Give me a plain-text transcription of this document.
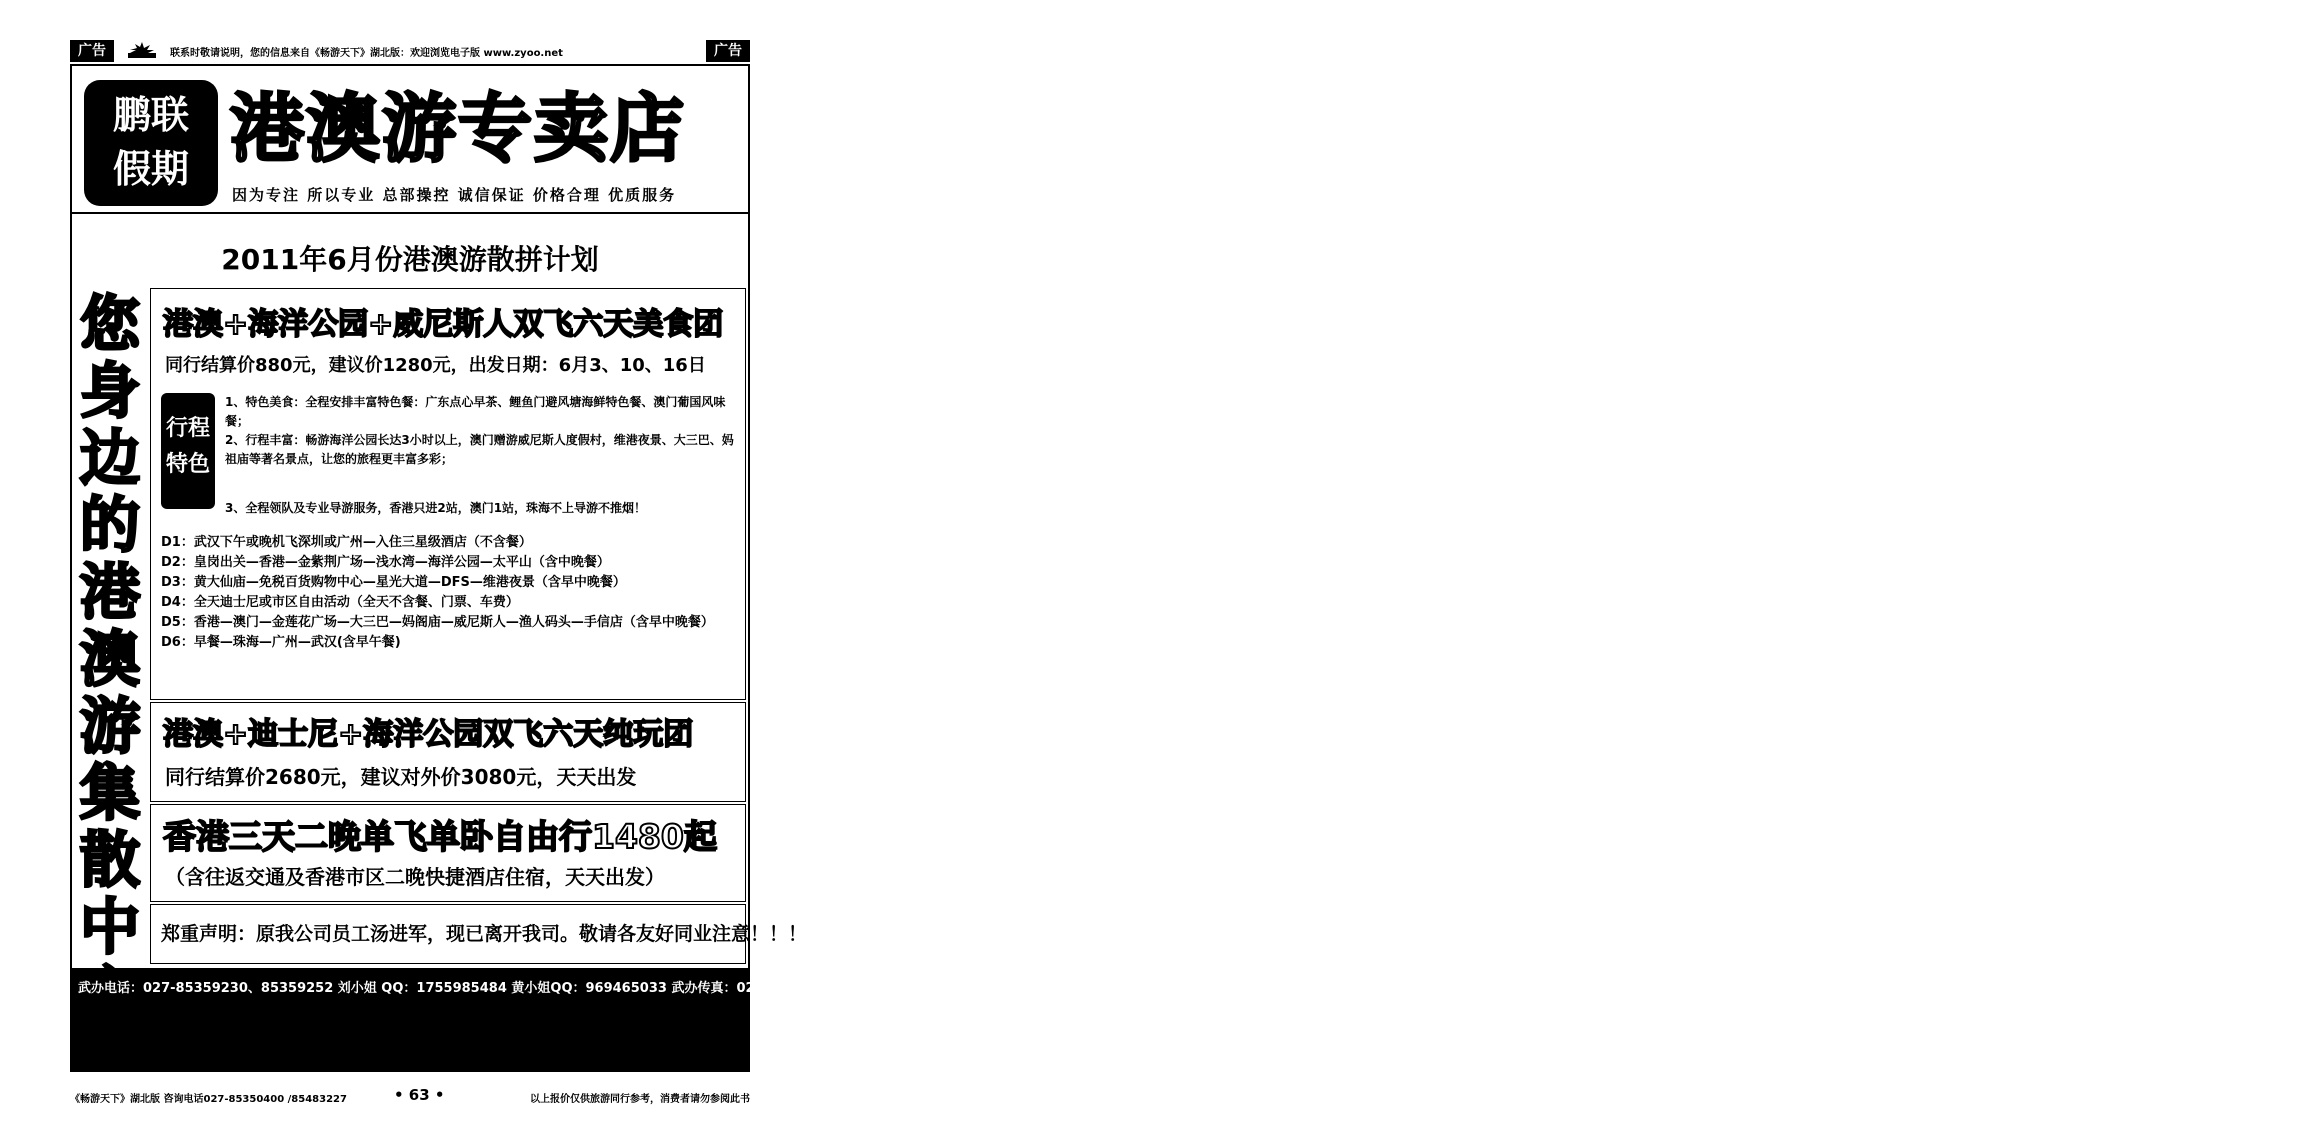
广告	联系时敬请说明，您的信息来自《畅游天下》湖北版：欢迎浏览电子版 www.zyoo.net	广告
鹏联
假期 港澳游专卖店
因为专注 所以专业 总部操控 诚信保证 价格合理 优质服务
2011年6月份港澳游散拼计划
您
身
边
的
港
澳
游
集
散
中
港澳+海洋公园+威尼斯人双飞六天美食团
同行结算价880元，建议价1280元，出发日期：6月3、10、16日
行程
特色
1、特色美食：全程安排丰富特色餐：广东点心早茶、鲤鱼门避风塘海鲜特色餐、澳门葡国风味餐；
2、行程丰富：畅游海洋公园长达3小时以上，澳门赠游威尼斯人度假村，维港夜景、大三巴、妈祖庙等著名景点，让您的旅程更丰富多彩；
3、全程领队及专业导游服务，香港只进2站，澳门1站，珠海不上导游不推烟！
D1：武汉下午或晚机飞深圳或广州—入住三星级酒店（不含餐）
D2：皇岗出关—香港—金紫荆广场—浅水湾—海洋公园—太平山（含中晚餐）
D3：黄大仙庙—免税百货购物中心—星光大道—DFS—维港夜景（含早中晚餐）
D4：全天迪士尼或市区自由活动（全天不含餐、门票、车费）
D5：香港—澳门—金莲花广场—大三巴—妈阁庙—威尼斯人—渔人码头—手信店（含早中晚餐）
D6：早餐—珠海—广州—武汉(含早午餐)
港澳+迪士尼+海洋公园双飞六天纯玩团
同行结算价2680元，建议对外价3080元，天天出发
香港三天二晚单飞单卧自由行1480起
（含往返交通及香港市区二晚快捷酒店住宿，天天出发）
郑重声明：原我公司员工汤进军，现已离开我司。敬请各友好同业注意！！！
武办电话：027-85359230、85359252 刘小姐 QQ：1755985484 黄小姐QQ：969465033 武办传真：027-85359252 武办24小时值班电话：13308624162 广东电话：刘小姐020-81047943 15323833283 QQ：790463410 MSN：phoebe_lausz@hotmail.com 质量总监：赖先生（武汉）18986277141 （广东）13602761669 QQ：747080665
《畅游天下》湖北版 咨询电话027-85350400 /85483227	• 63 •	以上报价仅供旅游同行参考，消费者请勿参阅此书
